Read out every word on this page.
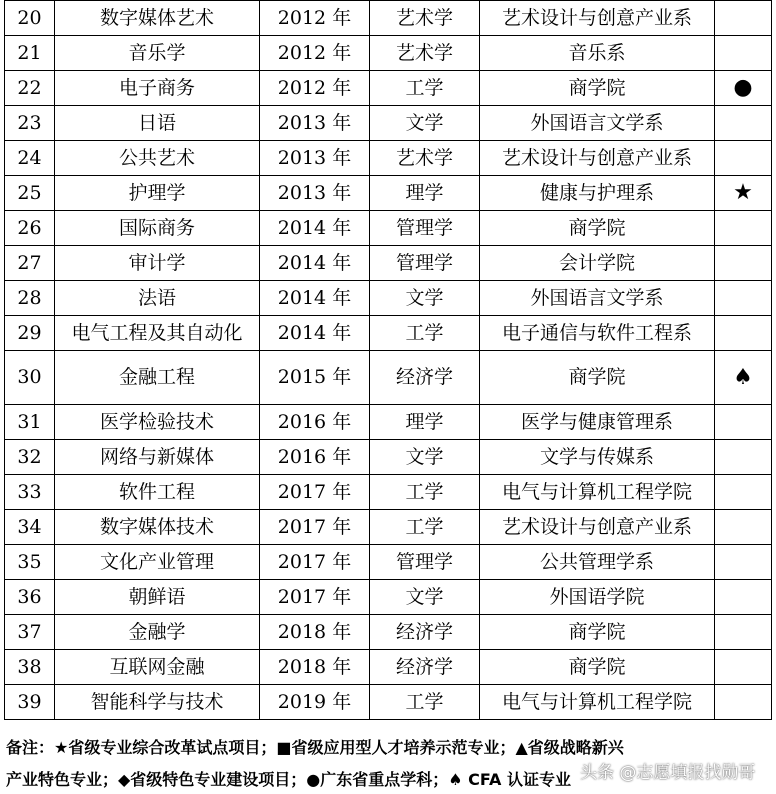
20	数字媒体艺术	2012 年	艺术学	艺术设计与创意产业系	
21	音乐学	2012 年	艺术学	音乐系	
22	电子商务	2012 年	工学	商学院	●
23	日语	2013 年	文学	外国语言文学系	
24	公共艺术	2013 年	艺术学	艺术设计与创意产业系	
25	护理学	2013 年	理学	健康与护理系	★
26	国际商务	2014 年	管理学	商学院	
27	审计学	2014 年	管理学	会计学院	
28	法语	2014 年	文学	外国语言文学系	
29	电气工程及其自动化	2014 年	工学	电子通信与软件工程系	
30	金融工程	2015 年	经济学	商学院	♠
31	医学检验技术	2016 年	理学	医学与健康管理系	
32	网络与新媒体	2016 年	文学	文学与传媒系	
33	软件工程	2017 年	工学	电气与计算机工程学院	
34	数字媒体技术	2017 年	工学	艺术设计与创意产业系	
35	文化产业管理	2017 年	管理学	公共管理学系	
36	朝鲜语	2017 年	文学	外国语学院	
37	金融学	2018 年	经济学	商学院	
38	互联网金融	2018 年	经济学	商学院	
39	智能科学与技术	2019 年	工学	电气与计算机工程学院	
备注：★省级专业综合改革试点项目；■省级应用型人才培养示范专业；▲省级战略新兴
产业特色专业；◆省级特色专业建设项目；●广东省重点学科；♠ CFA 认证专业 头条 @志愿填报找勋哥
